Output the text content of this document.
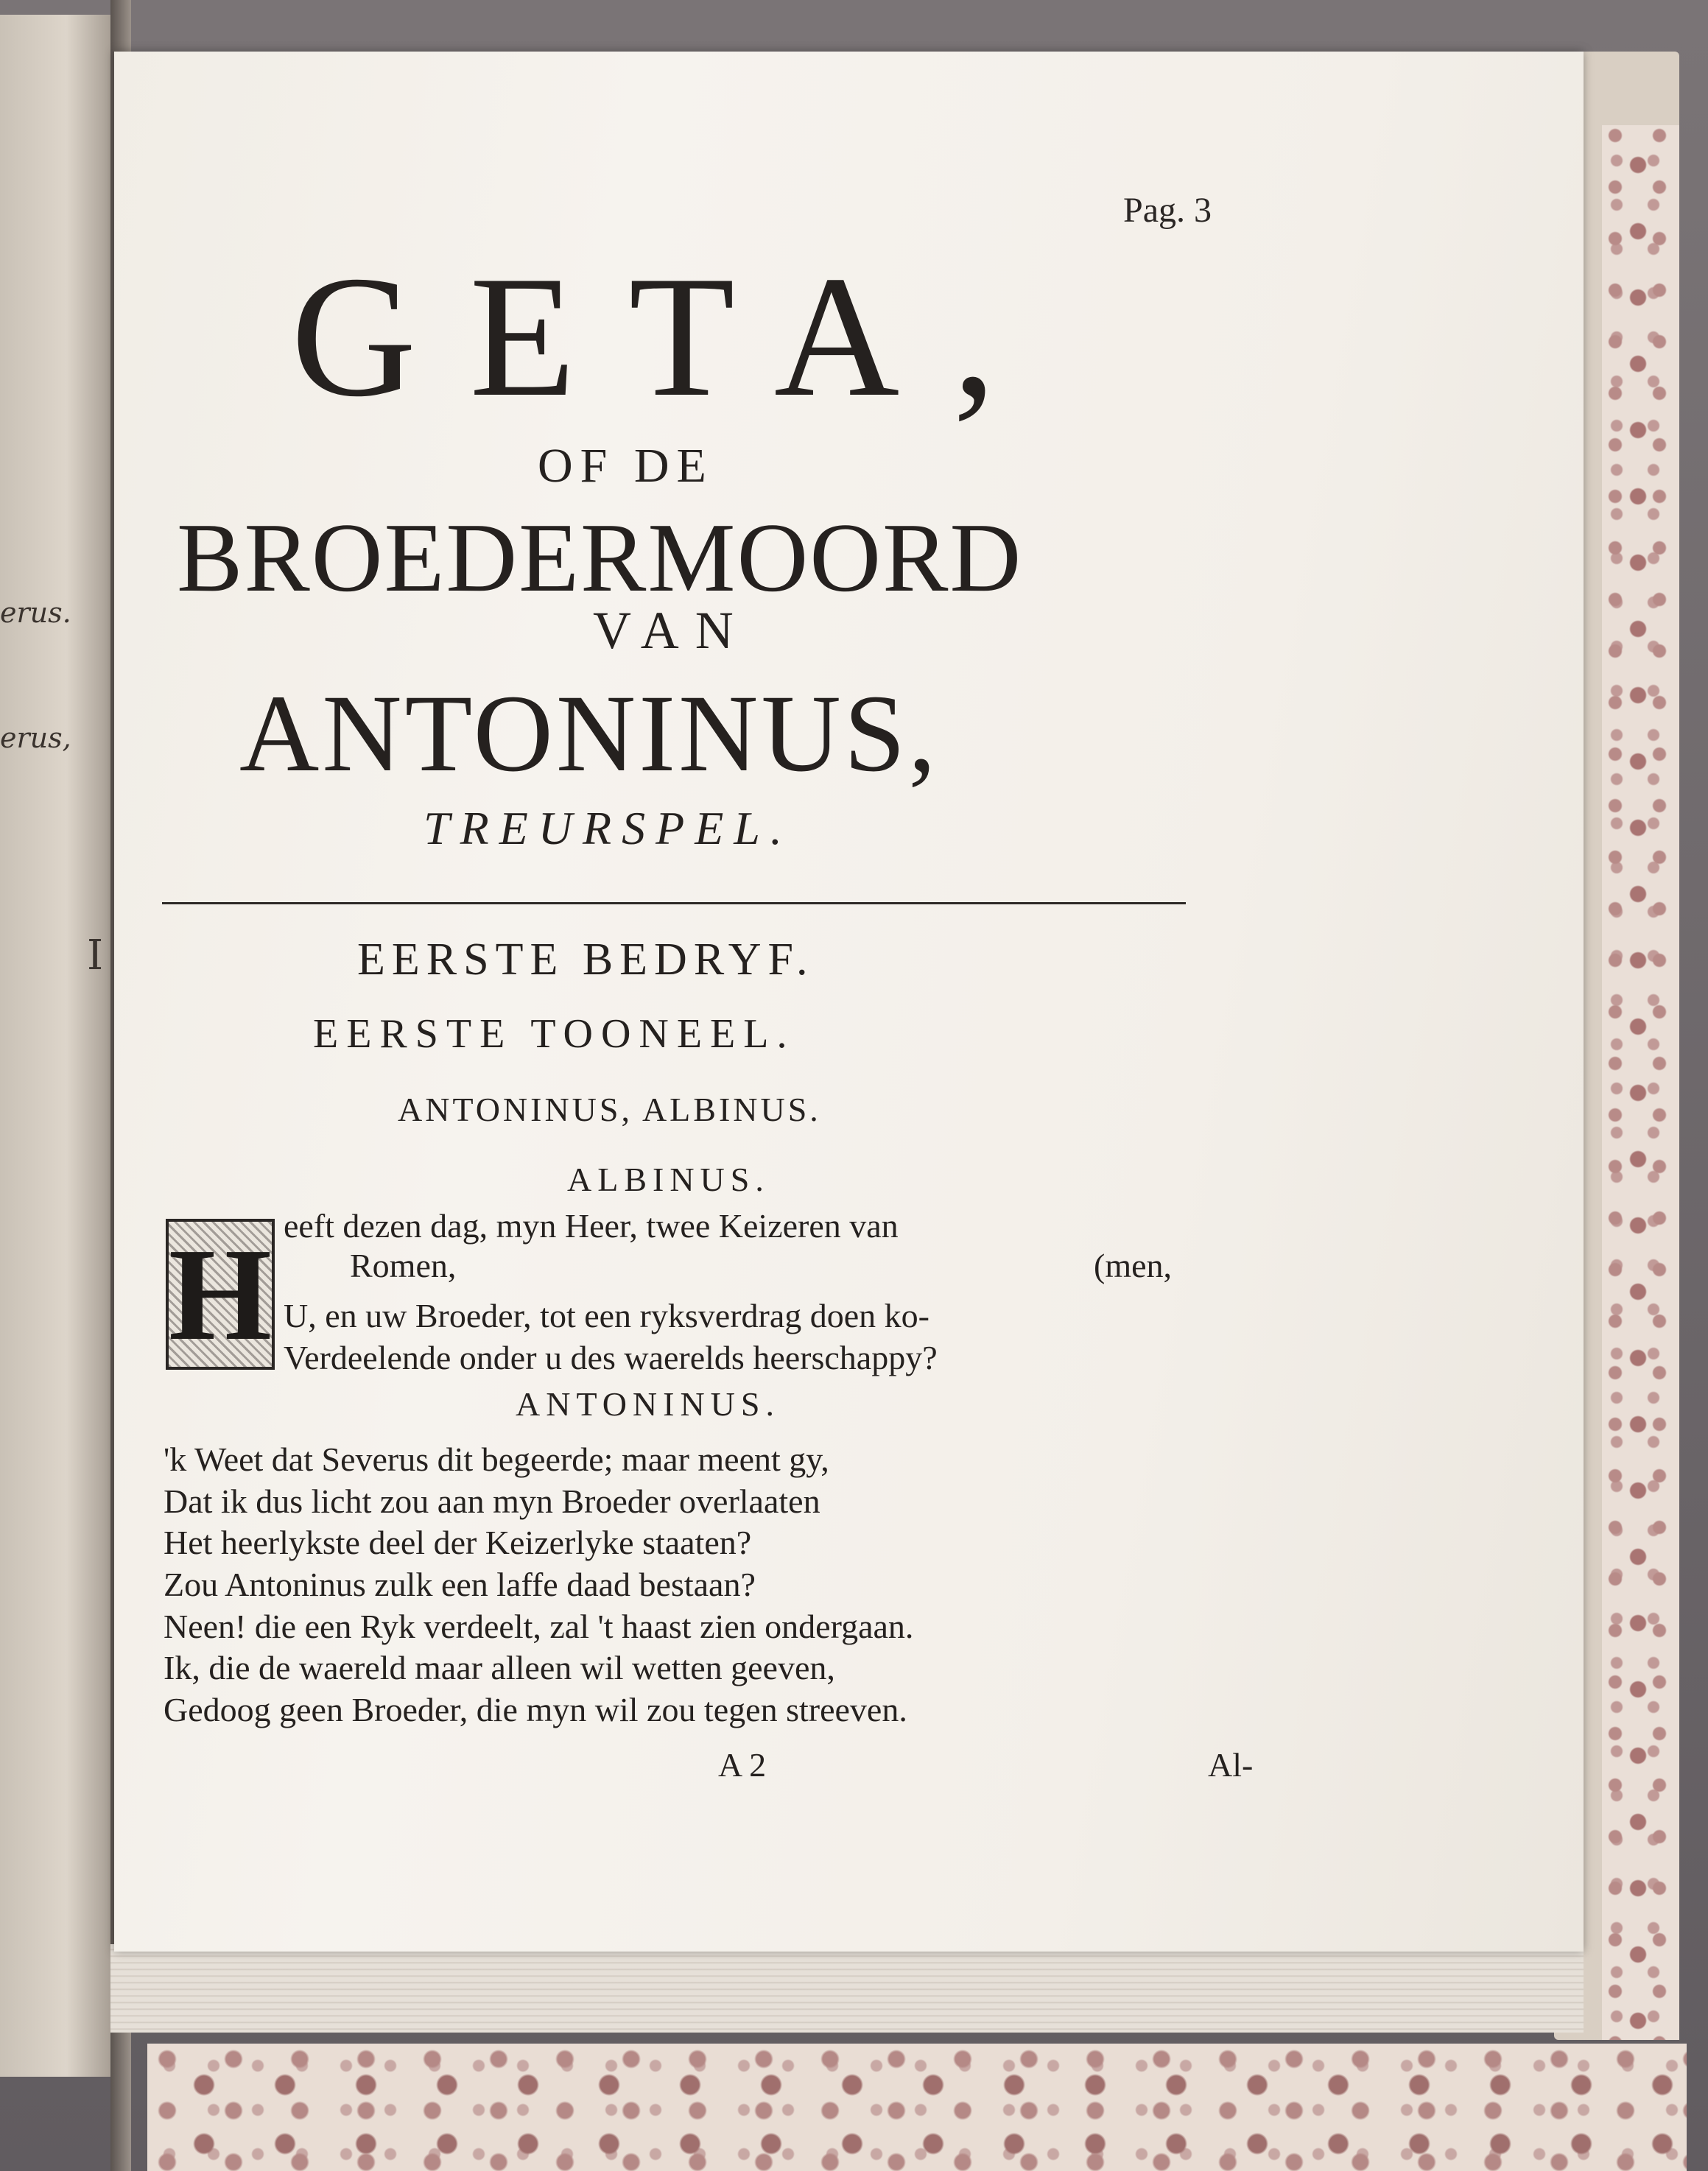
erus.
erus,
I
Pag. 3
GETA,
OF DE
BROEDERMOORD
VAN
ANTONINUS,
TREURSPEL.
EERSTE BEDRYF.
EERSTE TOONEEL.
ANTONINUS, ALBINUS.
ALBINUS.
H eeft dezen dag, myn Heer, twee Keizeren van
Romen,	(men,
U, en uw Broeder, tot een ryksverdrag doen ko-
Verdeelende onder u des waerelds heerschappy?
ANTONINUS.
'k Weet dat Severus dit begeerde; maar meent gy,
Dat ik dus licht zou aan myn Broeder overlaaten
Het heerlykste deel der Keizerlyke staaten?
Zou Antoninus zulk een laffe daad bestaan?
Neen! die een Ryk verdeelt, zal 't haast zien ondergaan.
Ik, die de waereld maar alleen wil wetten geeven,
Gedoog geen Broeder, die myn wil zou tegen streeven.
A 2	Al-
